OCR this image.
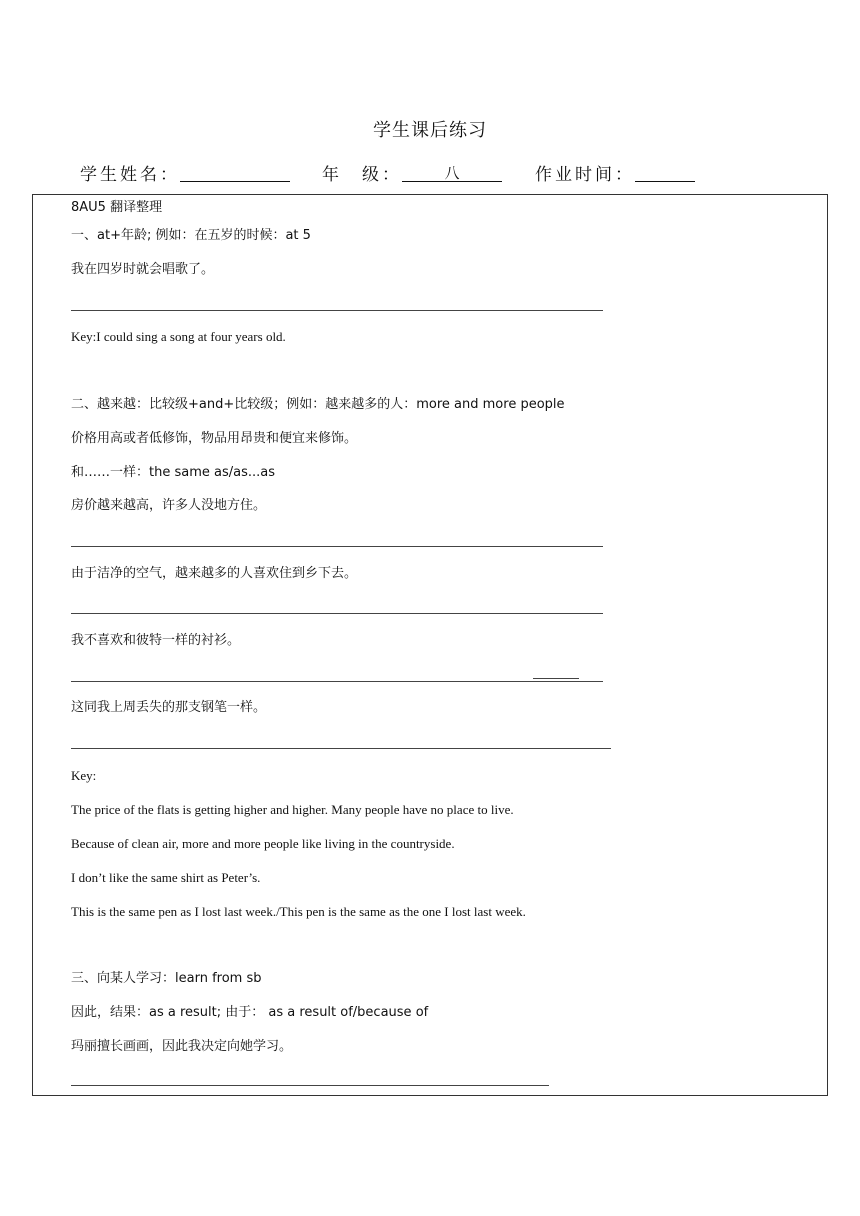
学生课后练习
学生姓名：	年　级：	八	作业时间：
8AU5 翻译整理
一、at+年龄; 例如：在五岁的时候：at 5
我在四岁时就会唱歌了。
Key:I could sing a song at four years old.
二、越来越：比较级+and+比较级；例如：越来越多的人：more and more people
价格用高或者低修饰，物品用昂贵和便宜来修饰。
和……一样：the same as/as...as
房价越来越高，许多人没地方住。
由于洁净的空气，越来越多的人喜欢住到乡下去。
我不喜欢和彼特一样的衬衫。
这同我上周丢失的那支钢笔一样。
Key:
The price of the flats is getting higher and higher. Many people have no place to live.
Because of clean air, more and more people like living in the countryside.
I don’t like the same shirt as Peter’s.
This is the same pen as I lost last week./This pen is the same as the one I lost last week.
三、向某人学习：learn from sb
因此，结果：as a result; 由于： as a result of/because of
玛丽擅长画画，因此我决定向她学习。
